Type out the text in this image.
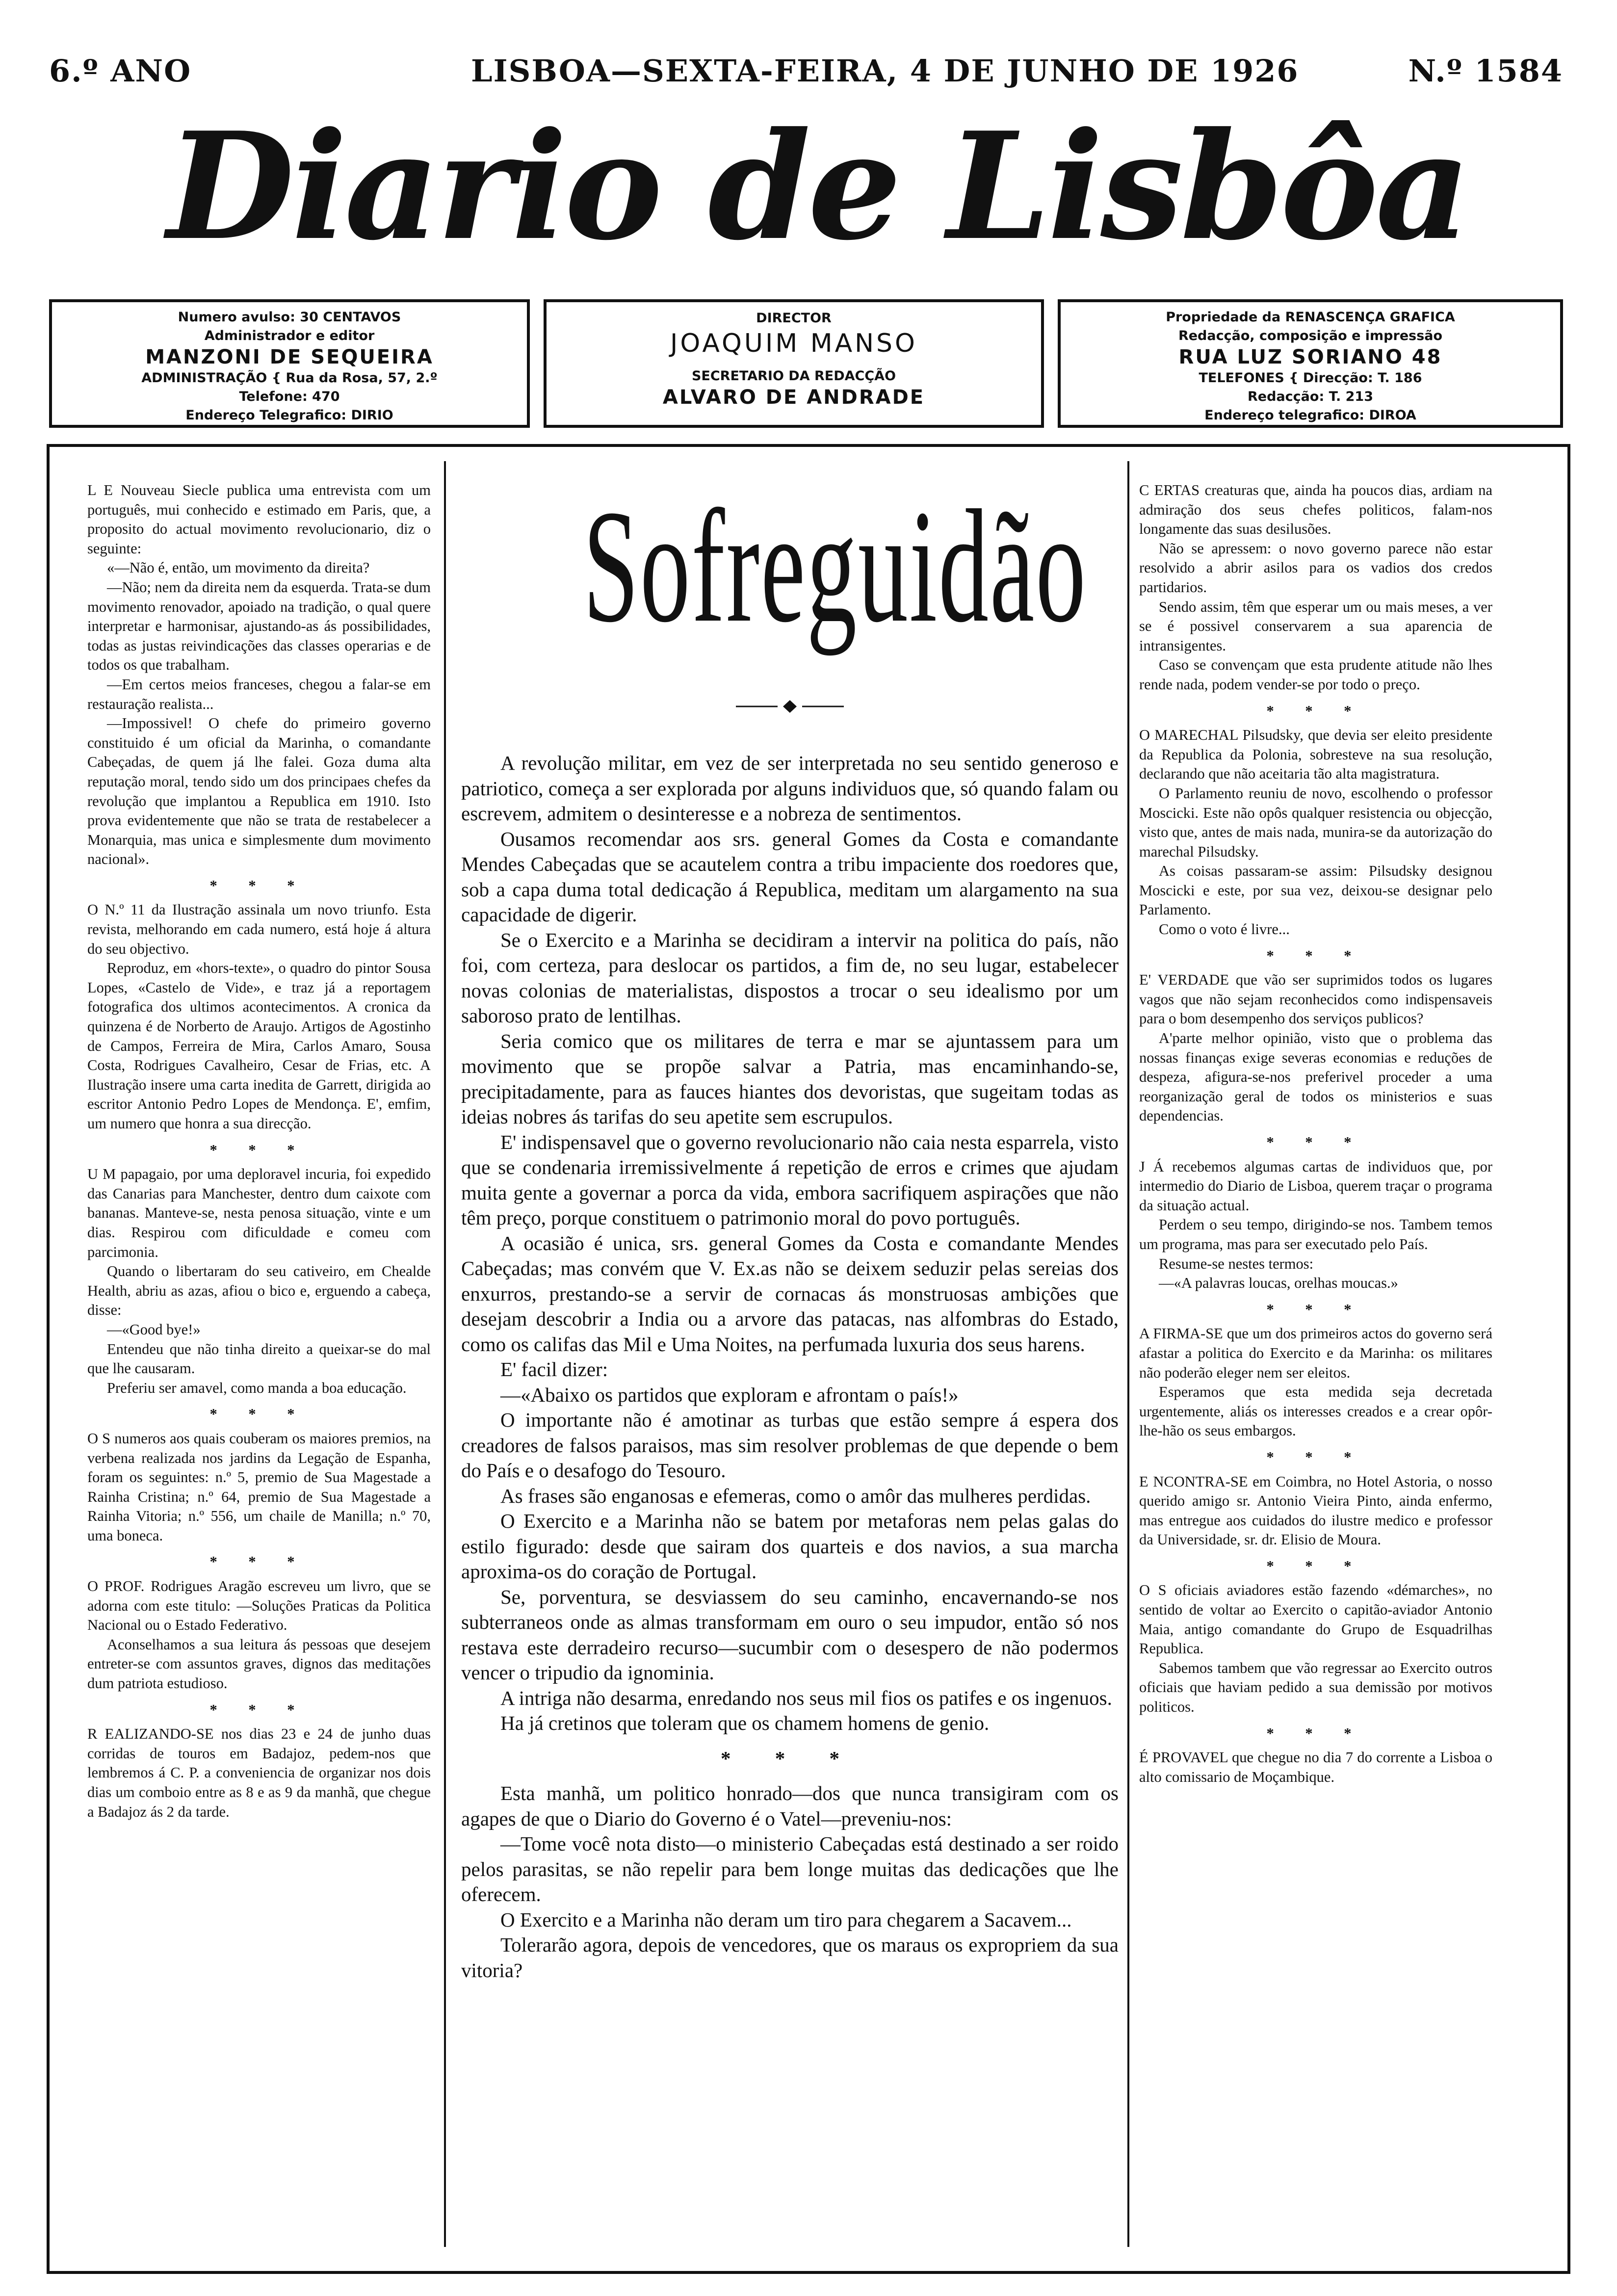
6.º ANO	LISBOA—SEXTA-FEIRA, 4 DE JUNHO DE 1926	N.º 1584
Diario de Lisbôa
Numero avulso: 30 CENTAVOS
Administrador e editor
MANZONI DE SEQUEIRA
ADMINISTRAÇÃO { Rua da Rosa, 57, 2.º
Telefone: 470
Endereço Telegrafico: DIRIO
DIRECTOR
JOAQUIM MANSO
SECRETARIO DA REDACÇÃO
ALVARO DE ANDRADE
Propriedade da RENASCENÇA GRAFICA
Redacção, composição e impressão
RUA LUZ SORIANO 48
TELEFONES { Direcção: T. 186
Redacção: T. 213
Endereço telegrafico: DIROA
Sofreguidão

L E Nouveau Siecle publica uma entrevista com um português, mui conhecido e estimado em Paris, que, a proposito do actual movimento revolucionario, diz o seguinte:

«—Não é, então, um movimento da direita?

—Não; nem da direita nem da esquerda. Trata-se dum movimento renovador, apoiado na tradição, o qual quere interpretar e harmonisar, ajustando-as ás possibilidades, todas as justas reivindicações das classes operarias e de todos os que trabalham.

—Em certos meios franceses, chegou a falar-se em restauração realista...

—Impossivel! O chefe do primeiro governo constituido é um oficial da Marinha, o comandante Cabeçadas, de quem já lhe falei. Goza duma alta reputação moral, tendo sido um dos principaes chefes da revolução que implantou a Republica em 1910. Isto prova evidentemente que não se trata de restabelecer a Monarquia, mas unica e simplesmente dum movimento nacional».

* * *

O N.º 11 da Ilustração assinala um novo triunfo. Esta revista, melhorando em cada numero, está hoje á altura do seu objectivo.

Reproduz, em «hors-texte», o quadro do pintor Sousa Lopes, «Castelo de Vide», e traz já a reportagem fotografica dos ultimos acontecimentos. A cronica da quinzena é de Norberto de Araujo. Artigos de Agostinho de Campos, Ferreira de Mira, Carlos Amaro, Sousa Costa, Rodrigues Cavalheiro, Cesar de Frias, etc. A Ilustração insere uma carta inedita de Garrett, dirigida ao escritor Antonio Pedro Lopes de Mendonça. E', emfim, um numero que honra a sua direcção.

* * *

U M papagaio, por uma deploravel incuria, foi expedido das Canarias para Manchester, dentro dum caixote com bananas. Manteve-se, nesta penosa situação, vinte e um dias. Respirou com dificuldade e comeu com parcimonia.

Quando o libertaram do seu cativeiro, em Chealde Health, abriu as azas, afiou o bico e, erguendo a cabeça, disse:

—«Good bye!»

Entendeu que não tinha direito a queixar-se do mal que lhe causaram.

Preferiu ser amavel, como manda a boa educação.

* * *

O S numeros aos quais couberam os maiores premios, na verbena realizada nos jardins da Legação de Espanha, foram os seguintes: n.º 5, premio de Sua Magestade a Rainha Cristina; n.º 64, premio de Sua Magestade a Rainha Vitoria; n.º 556, um chaile de Manilla; n.º 70, uma boneca.

* * *

O PROF. Rodrigues Aragão escreveu um livro, que se adorna com este titulo: —Soluções Praticas da Politica Nacional ou o Estado Federativo.

Aconselhamos a sua leitura ás pessoas que desejem entreter-se com assuntos graves, dignos das meditações dum patriota estudioso.

* * *

R EALIZANDO-SE nos dias 23 e 24 de junho duas corridas de touros em Badajoz, pedem-nos que lembremos á C. P. a conveniencia de organizar nos dois dias um comboio entre as 8 e as 9 da manhã, que chegue a Badajoz ás 2 da tarde.

A revolução militar, em vez de ser interpretada no seu sentido generoso e patriotico, começa a ser explorada por alguns individuos que, só quando falam ou escrevem, admitem o desinteresse e a nobreza de sentimentos.

Ousamos recomendar aos srs. general Gomes da Costa e comandante Mendes Cabeçadas que se acautelem contra a tribu impaciente dos roedores que, sob a capa duma total dedicação á Republica, meditam um alargamento na sua capacidade de digerir.

Se o Exercito e a Marinha se decidiram a intervir na politica do país, não foi, com certeza, para deslocar os partidos, a fim de, no seu lugar, estabelecer novas colonias de materialistas, dispostos a trocar o seu idealismo por um saboroso prato de lentilhas.

Seria comico que os militares de terra e mar se ajuntassem para um movimento que se propõe salvar a Patria, mas encaminhando-se, precipitadamente, para as fauces hiantes dos devoristas, que sugeitam todas as ideias nobres ás tarifas do seu apetite sem escrupulos.

E' indispensavel que o governo revolucionario não caia nesta esparrela, visto que se condenaria irremissivelmente á repetição de erros e crimes que ajudam muita gente a governar a porca da vida, embora sacrifiquem aspirações que não têm preço, porque constituem o patrimonio moral do povo português.

A ocasião é unica, srs. general Gomes da Costa e comandante Mendes Cabeçadas; mas convém que V. Ex.as não se deixem seduzir pelas sereias dos enxurros, prestando-se a servir de cornacas ás monstruosas ambições que desejam descobrir a India ou a arvore das patacas, nas alfombras do Estado, como os califas das Mil e Uma Noites, na perfumada luxuria dos seus harens.

E' facil dizer:

—«Abaixo os partidos que exploram e afrontam o país!»

O importante não é amotinar as turbas que estão sempre á espera dos creadores de falsos paraisos, mas sim resolver problemas de que depende o bem do País e o desafogo do Tesouro.

As frases são enganosas e efemeras, como o amôr das mulheres perdidas.

O Exercito e a Marinha não se batem por metaforas nem pelas galas do estilo figurado: desde que sairam dos quarteis e dos navios, a sua marcha aproxima-os do coração de Portugal.

Se, porventura, se desviassem do seu caminho, encavernando-se nos subterraneos onde as almas transformam em ouro o seu impudor, então só nos restava este derradeiro recurso—sucumbir com o desespero de não podermos vencer o tripudio da ignominia.

A intriga não desarma, enredando nos seus mil fios os patifes e os ingenuos.

Ha já cretinos que toleram que os chamem homens de genio.

* * *

Esta manhã, um politico honrado—dos que nunca transigiram com os agapes de que o Diario do Governo é o Vatel—preveniu-nos:

—Tome você nota disto—o ministerio Cabeçadas está destinado a ser roido pelos parasitas, se não repelir para bem longe muitas das dedicações que lhe oferecem.

O Exercito e a Marinha não deram um tiro para chegarem a Sacavem...

Tolerarão agora, depois de vencedores, que os maraus os expropriem da sua vitoria?

C ERTAS creaturas que, ainda ha poucos dias, ardiam na admiração dos seus chefes politicos, falam-nos longamente das suas desilusões.

Não se apressem: o novo governo parece não estar resolvido a abrir asilos para os vadios dos credos partidarios.

Sendo assim, têm que esperar um ou mais meses, a ver se é possivel conservarem a sua aparencia de intransigentes.

Caso se convençam que esta prudente atitude não lhes rende nada, podem vender-se por todo o preço.

* * *

O MARECHAL Pilsudsky, que devia ser eleito presidente da Republica da Polonia, sobresteve na sua resolução, declarando que não aceitaria tão alta magistratura.

O Parlamento reuniu de novo, escolhendo o professor Moscicki. Este não opôs qualquer resistencia ou objecção, visto que, antes de mais nada, munira-se da autorização do marechal Pilsudsky.

As coisas passaram-se assim: Pilsudsky designou Moscicki e este, por sua vez, deixou-se designar pelo Parlamento.

Como o voto é livre...

* * *

E' VERDADE que vão ser suprimidos todos os lugares vagos que não sejam reconhecidos como indispensaveis para o bom desempenho dos serviços publicos?

A'parte melhor opinião, visto que o problema das nossas finanças exige severas economias e reduções de despeza, afigura-se-nos preferivel proceder a uma reorganização geral de todos os ministerios e suas dependencias.

* * *

J Á recebemos algumas cartas de individuos que, por intermedio do Diario de Lisboa, querem traçar o programa da situação actual.

Perdem o seu tempo, dirigindo-se nos. Tambem temos um programa, mas para ser executado pelo País.

Resume-se nestes termos:

—«A palavras loucas, orelhas moucas.»

* * *

A FIRMA-SE que um dos primeiros actos do governo será afastar a politica do Exercito e da Marinha: os militares não poderão eleger nem ser eleitos.

Esperamos que esta medida seja decretada urgentemente, aliás os interesses creados e a crear opôr-lhe-hão os seus embargos.

* * *

E NCONTRA-SE em Coimbra, no Hotel Astoria, o nosso querido amigo sr. Antonio Vieira Pinto, ainda enfermo, mas entregue aos cuidados do ilustre medico e professor da Universidade, sr. dr. Elisio de Moura.

* * *

O S oficiais aviadores estão fazendo «démarches», no sentido de voltar ao Exercito o capitão-aviador Antonio Maia, antigo comandante do Grupo de Esquadrilhas Republica.

Sabemos tambem que vão regressar ao Exercito outros oficiais que haviam pedido a sua demissão por motivos politicos.

* * *

É PROVAVEL que chegue no dia 7 do corrente a Lisboa o alto comissario de Moçambique.
